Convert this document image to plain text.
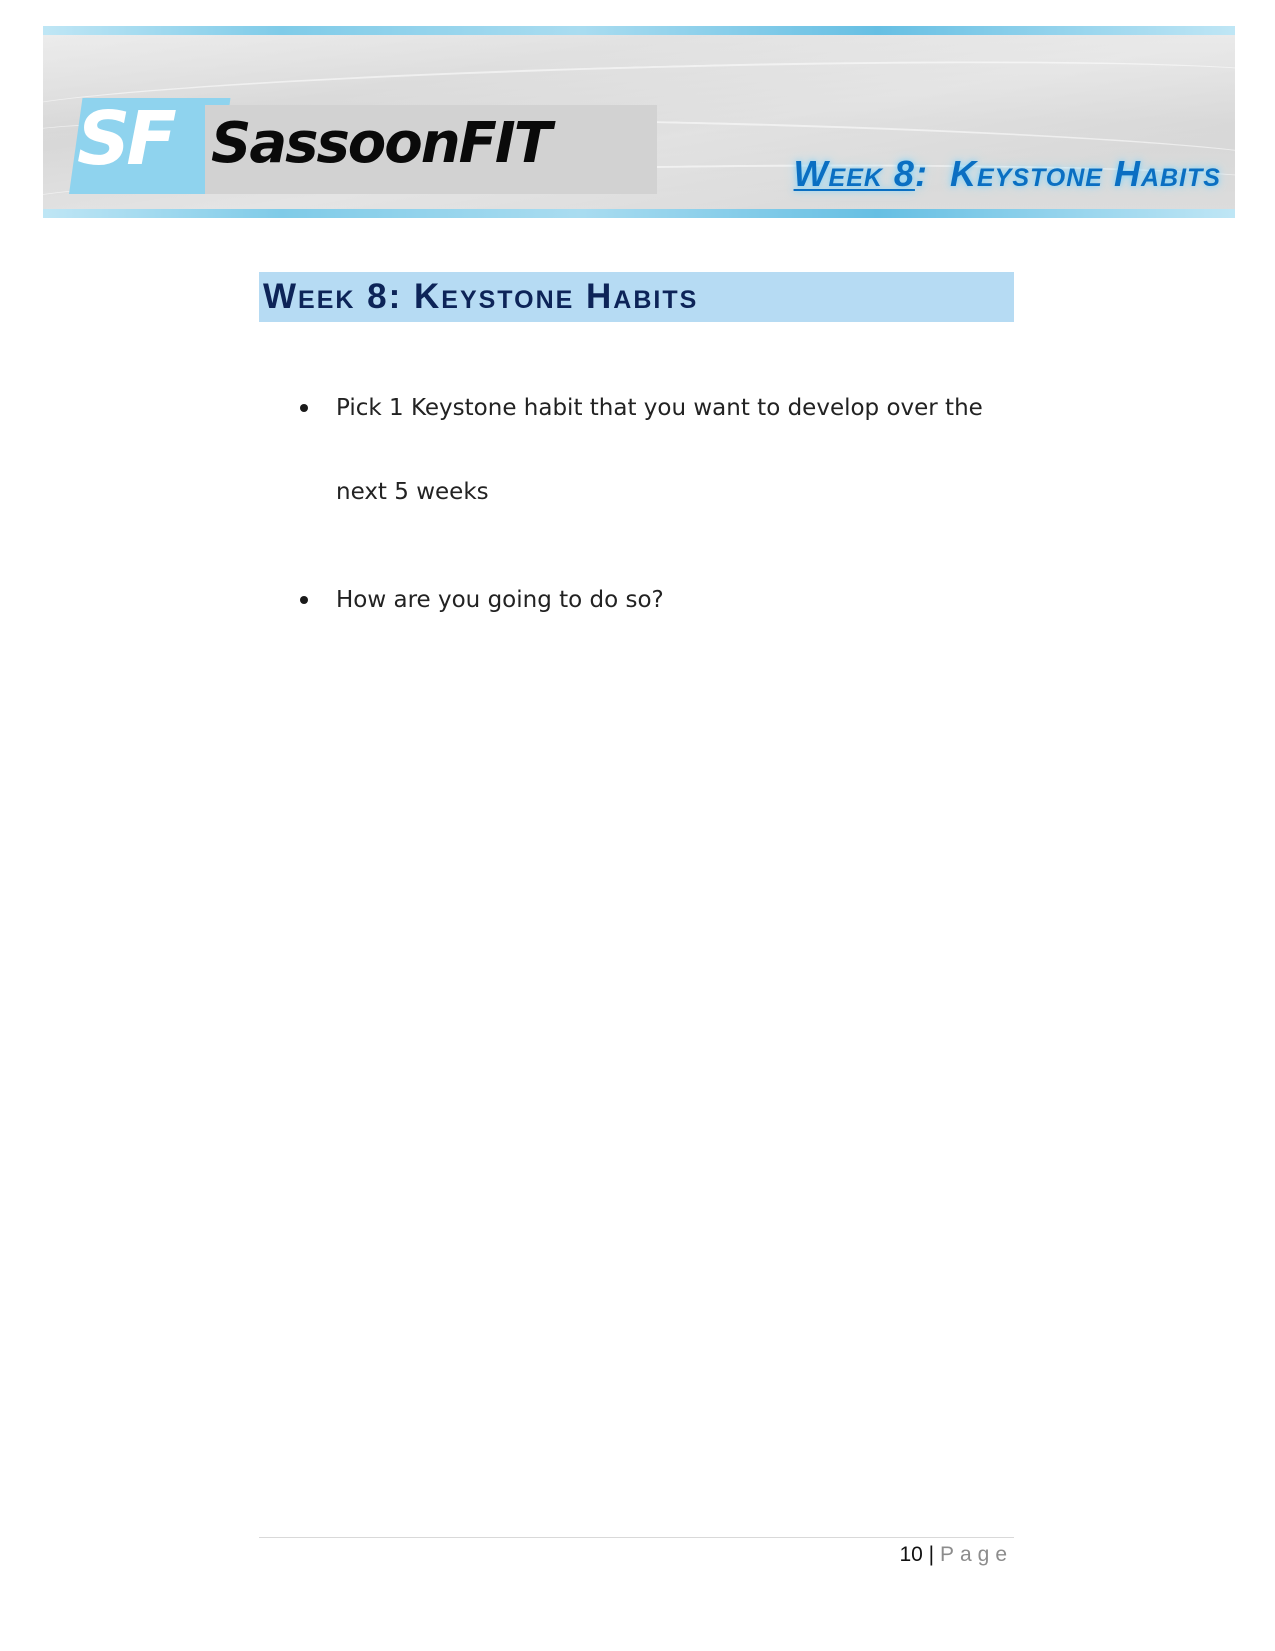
SF SassoonFIT	Week 8: Keystone Habits
Week 8: Keystone Habits
Pick 1 Keystone habit that you want to develop over the next 5 weeks
How are you going to do so?
10 | Page
